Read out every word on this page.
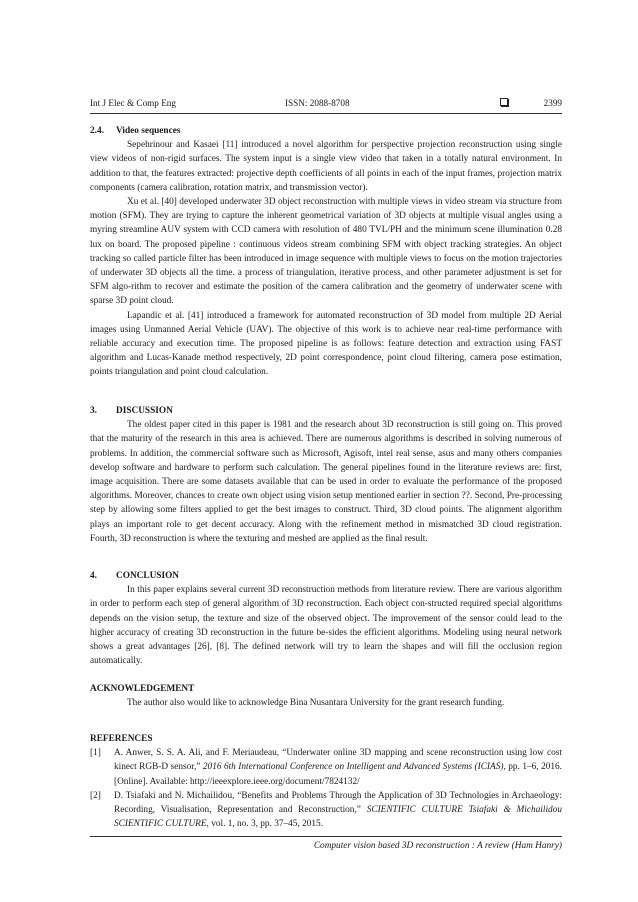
Int J Elec & Comp Eng	ISSN: 2088-8708	2399
2.4.	Video sequences

Sepehrinour and Kasaei [11] introduced a novel algorithm for perspective projection reconstruction using single view videos of non-rigid surfaces. The system input is a single view video that taken in a totally natural environment. In addition to that, the features extracted: projective depth coefficients of all points in each of the input frames, projection matrix components (camera calibration, rotation matrix, and transmission vector).

Xu et al. [40] developed underwater 3D object reconstruction with multiple views in video stream via structure from motion (SFM). They are trying to capture the inherent geometrical variation of 3D objects at multiple visual angles using a myring streamline AUV system with CCD camera with resolution of 480 TVL/PH and the minimum scene illumination 0.28 lux on board. The proposed pipeline : continuous videos stream combining SFM with object tracking strategies. An object tracking so called particle filter has been introduced in image sequence with multiple views to focus on the motion trajectories of underwater 3D objects all the time. a process of triangulation, iterative process, and other parameter adjustment is set for SFM algo-rithm to recover and estimate the position of the camera calibration and the geometry of underwater scene with sparse 3D point cloud.

Lapandic et al. [41] introduced a framework for automated reconstruction of 3D model from multiple 2D Aerial images using Unmanned Aerial Vehicle (UAV). The objective of this work is to achieve near real-time performance with reliable accuracy and execution time. The proposed pipeline is as follows: feature detection and extraction using FAST algorithm and Lucas-Kanade method respectively, 2D point correspondence, point cloud filtering, camera pose estimation, points triangulation and point cloud calculation.

3.	DISCUSSION

The oldest paper cited in this paper is 1981 and the research about 3D reconstruction is still going on. This proved that the maturity of the research in this area is achieved. There are numerous algorithms is described in solving numerous of problems. In addition, the commercial software such as Microsoft, Agisoft, intel real sense, asus and many others companies develop software and hardware to perform such calculation. The general pipelines found in the literature reviews are: first, image acquisition. There are some datasets available that can be used in order to evaluate the performance of the proposed algorithms. Moreover, chances to create own object using vision setup mentioned earlier in section ??. Second, Pre-processing step by allowing some filters applied to get the best images to construct. Third, 3D cloud points. The alignment algorithm plays an important role to get decent accuracy. Along with the refinement method in mismatched 3D cloud registration. Fourth, 3D reconstruction is where the texturing and meshed are applied as the final result.

4.	CONCLUSION

In this paper explains several current 3D reconstruction methods from literature review. There are various algorithm in order to perform each step of general algorithm of 3D reconstruction. Each object con-structed required special algorithms depends on the vision setup, the texture and size of the observed object. The improvement of the sensor could lead to the higher accuracy of creating 3D reconstruction in the future be-sides the efficient algorithms. Modeling using neural network shows a great advantages [26], [8]. The defined network will try to learn the shapes and will fill the occlusion region automatically.

ACKNOWLEDGEMENT

The author also would like to acknowledge Bina Nusantara University for the grant research funding.

REFERENCES
[1]	A. Anwer, S. S. A. Ali, and F. Meriaudeau, “Underwater online 3D mapping and scene reconstruction using low cost kinect RGB-D sensor,” 2016 6th International Conference on Intelligent and Advanced Systems (ICIAS), pp. 1–6, 2016. [Online]. Available: http://ieeexplore.ieee.org/document/7824132/
[2]	D. Tsiafaki and N. Michailidou, “Benefits and Problems Through the Application of 3D Technologies in Archaeology: Recording, Visualisation, Representation and Reconstruction,” SCIENTIFIC CULTURE Tsiafaki & Michailidou SCIENTIFIC CULTURE, vol. 1, no. 3, pp. 37–45, 2015.
Computer vision based 3D reconstruction : A review (Ham Hanry)
